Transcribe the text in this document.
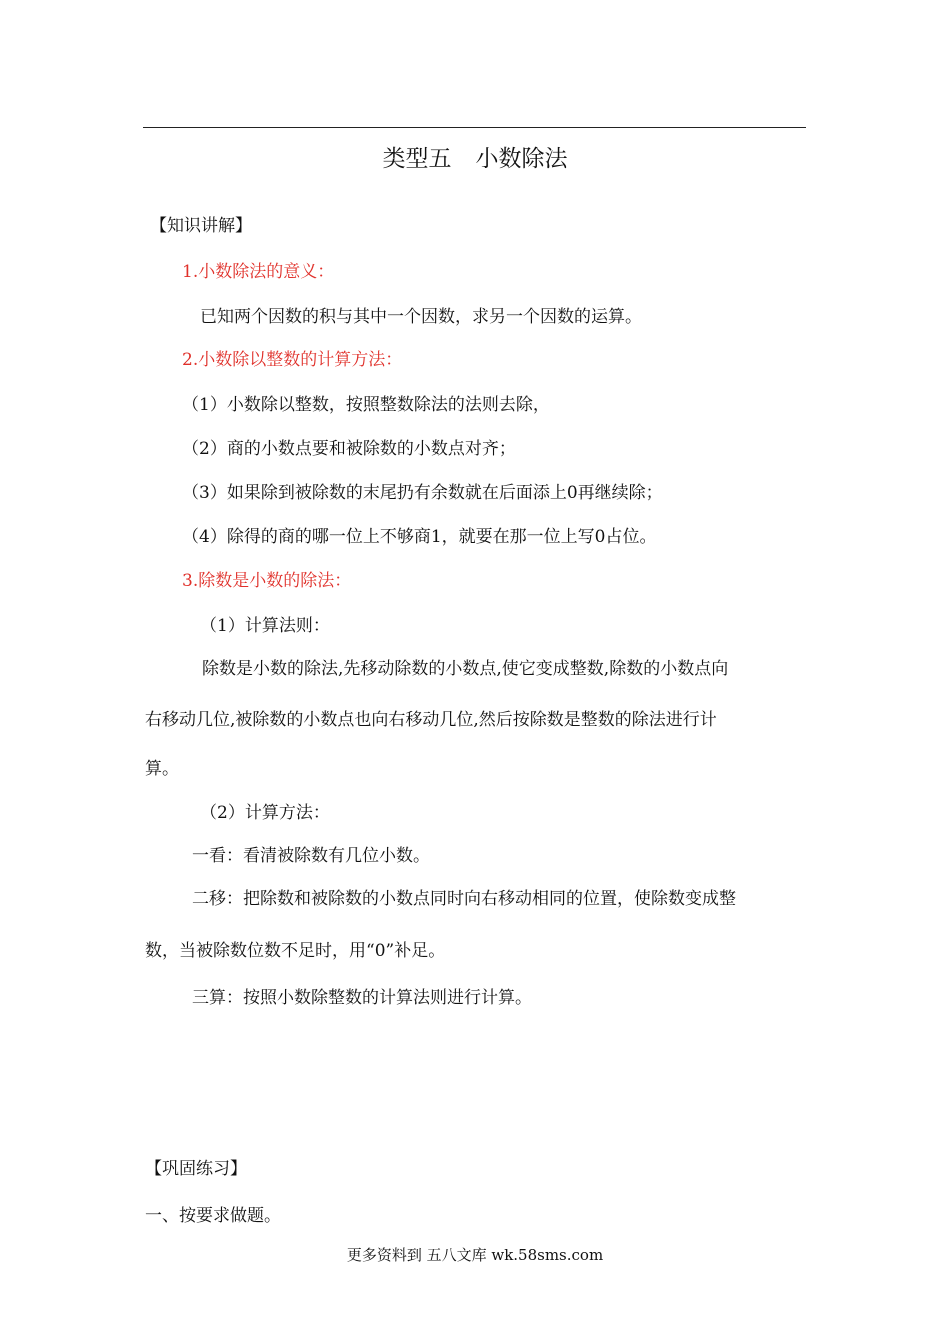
类型五 小数除法
【知识讲解】
1.小数除法的意义：
已知两个因数的积与其中一个因数，求另一个因数的运算。
2.小数除以整数的计算方法：
（1）小数除以整数，按照整数除法的法则去除，
（2）商的小数点要和被除数的小数点对齐；
（3）如果除到被除数的末尾扔有余数就在后面添上0再继续除；
（4）除得的商的哪一位上不够商1，就要在那一位上写0占位。
3.除数是小数的除法：
（1）计算法则：
除数是小数的除法,先移动除数的小数点,使它变成整数,除数的小数点向
右移动几位,被除数的小数点也向右移动几位,然后按除数是整数的除法进行计
算。
（2）计算方法：
一看：看清被除数有几位小数。
二移：把除数和被除数的小数点同时向右移动相同的位置，使除数变成整
数，当被除数位数不足时，用“0”补足。
三算：按照小数除整数的计算法则进行计算。
【巩固练习】
一、按要求做题。
更多资料到 五八文库 wk.58sms.com
